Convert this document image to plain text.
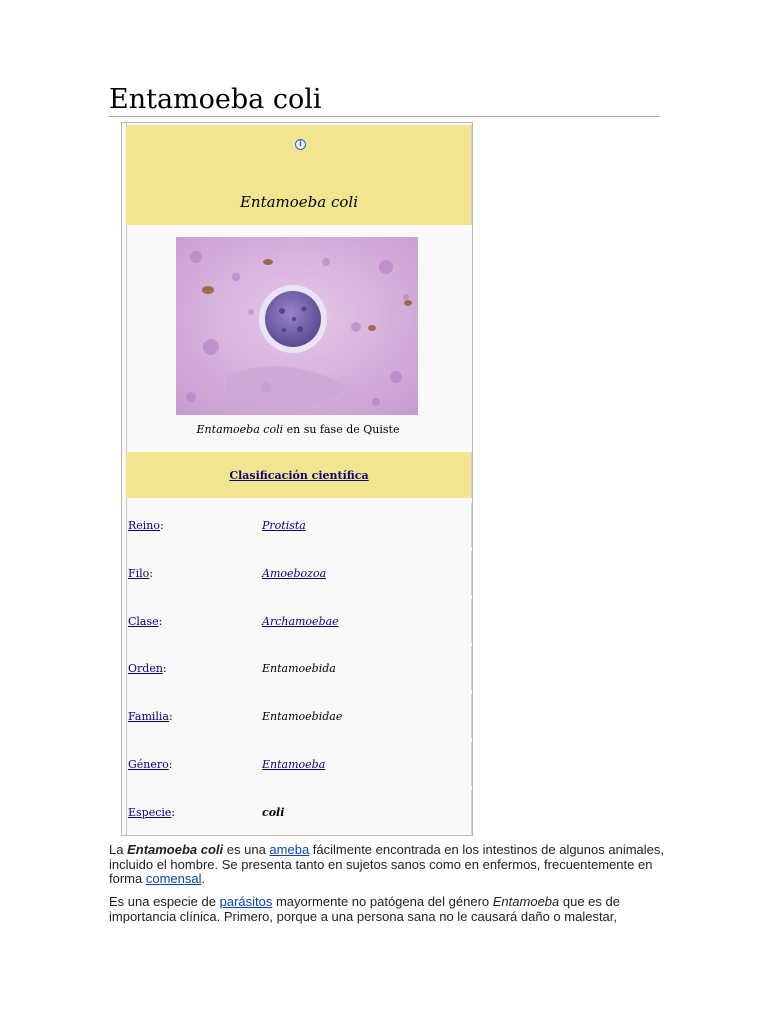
Entamoeba coli
i
Entamoeba coli
Entamoeba coli en su fase de Quiste
Clasificación científica
Reino:	Protista
Filo:	Amoebozoa
Clase:	Archamoebae
Orden:	Entamoebida
Familia:	Entamoebidae
Género:	Entamoeba
Especie:	coli

La Entamoeba coli es una ameba fácilmente encontrada en los intestinos de algunos animales, incluido el hombre. Se presenta tanto en sujetos sanos como en enfermos, frecuentemente en forma comensal.

Es una especie de parásitos mayormente no patógena del género Entamoeba que es de importancia clínica. Primero, porque a una persona sana no le causará daño o malestar,
